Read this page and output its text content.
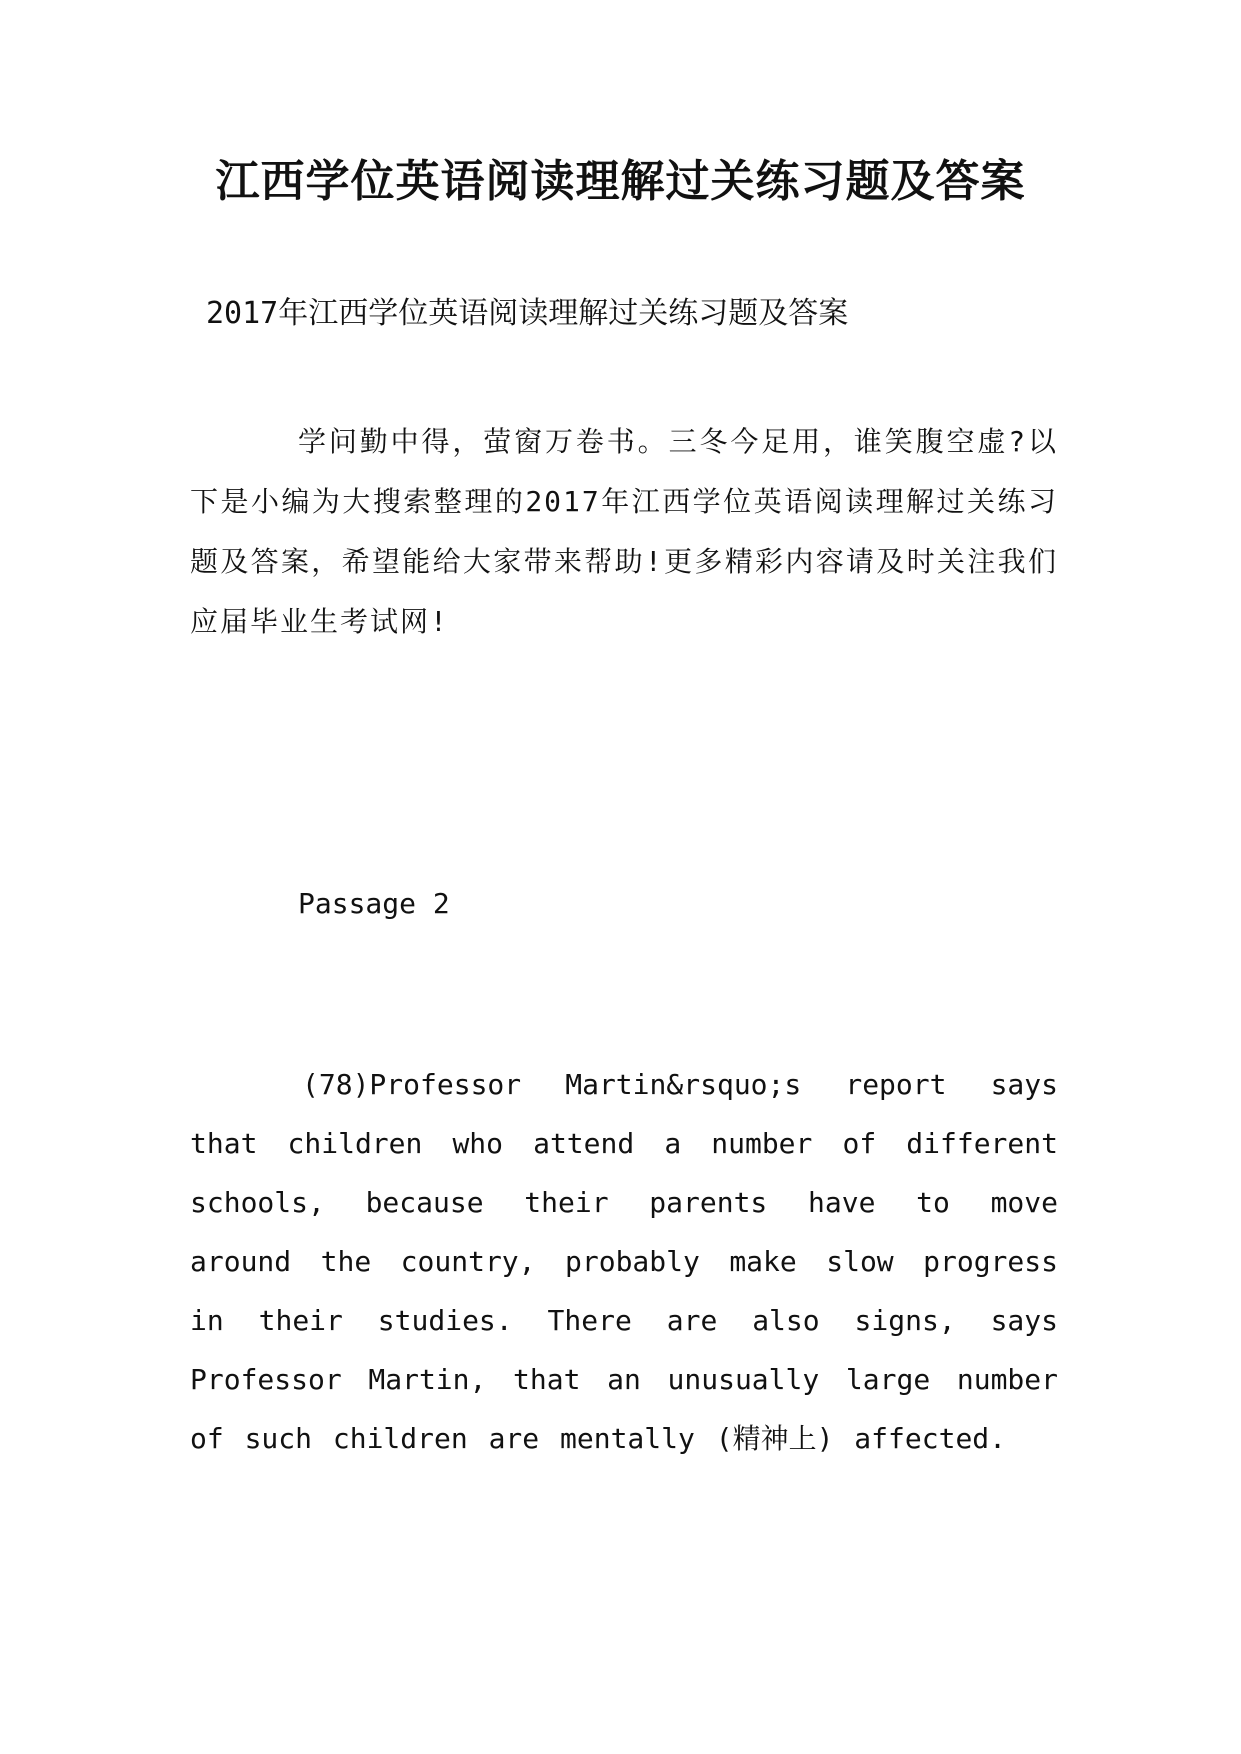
江西学位英语阅读理解过关练习题及答案

2017年江西学位英语阅读理解过关练习题及答案

学问勤中得，萤窗万卷书。三冬今足用，谁笑腹空虚?以下是小编为大搜索整理的2017年江西学位英语阅读理解过关练习题及答案，希望能给大家带来帮助!更多精彩内容请及时关注我们应届毕业生考试网!

Passage 2

(78)Professor Martin&rsquo;s report says that children who attend a number of different schools, because their parents have to move around the country, probably make slow progress in their studies. There are also signs, says Professor Martin, that an unusually large number of such children are mentally (精神上) affected.
